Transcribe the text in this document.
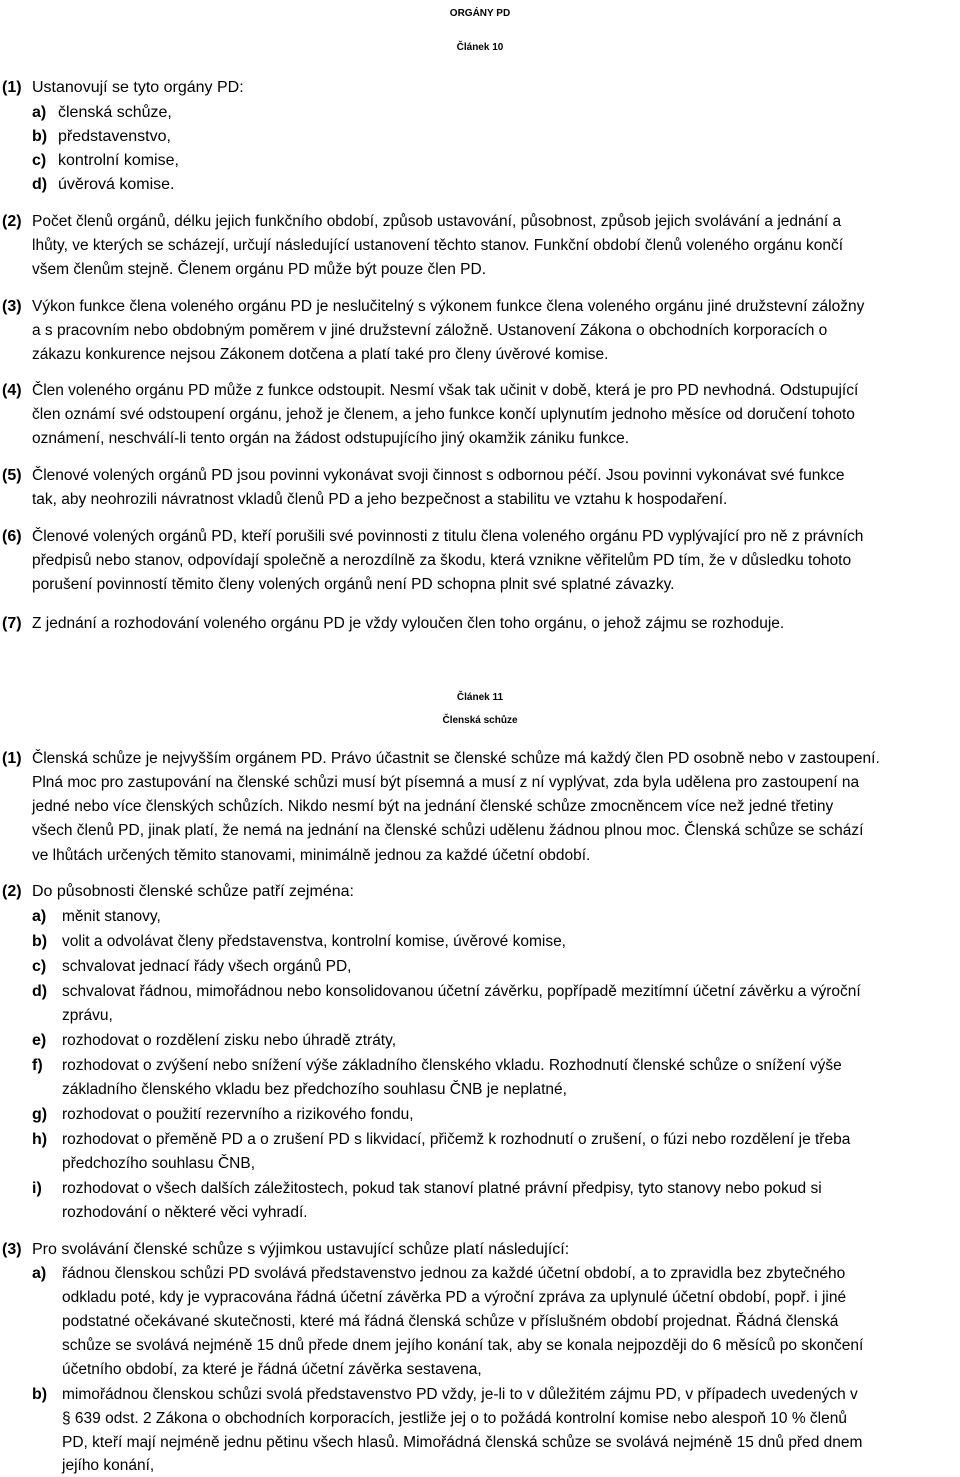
ORGÁNY PD
Článek 10
(1) Ustanovují se tyto orgány PD:
a) členská schůze,
b) představenstvo,
c) kontrolní komise,
d) úvěrová komise.
(2) Počet členů orgánů, délku jejich funkčního období, způsob ustavování, působnost, způsob jejich svolávání a jednání a
lhůty, ve kterých se scházejí, určují následující ustanovení těchto stanov. Funkční období členů voleného orgánu končí
všem členům stejně. Členem orgánu PD může být pouze člen PD.
(3) Výkon funkce člena voleného orgánu PD je neslučitelný s výkonem funkce člena voleného orgánu jiné družstevní záložny
a s pracovním nebo obdobným poměrem v jiné družstevní záložně. Ustanovení Zákona o obchodních korporacích o
zákazu konkurence nejsou Zákonem dotčena a platí také pro členy úvěrové komise.
(4) Člen voleného orgánu PD může z funkce odstoupit. Nesmí však tak učinit v době, která je pro PD nevhodná. Odstupující
člen oznámí své odstoupení orgánu, jehož je členem, a jeho funkce končí uplynutím jednoho měsíce od doručení tohoto
oznámení, neschválí-li tento orgán na žádost odstupujícího jiný okamžik zániku funkce.
(5) Členové volených orgánů PD jsou povinni vykonávat svoji činnost s odbornou péčí. Jsou povinni vykonávat své funkce
tak, aby neohrozili návratnost vkladů členů PD a jeho bezpečnost a stabilitu ve vztahu k hospodaření.
(6) Členové volených orgánů PD, kteří porušili své povinnosti z titulu člena voleného orgánu PD vyplývající pro ně z právních
předpisů nebo stanov, odpovídají společně a nerozdílně za škodu, která vznikne věřitelům PD tím, že v důsledku tohoto
porušení povinností těmito členy volených orgánů není PD schopna plnit své splatné závazky.
(7) Z jednání a rozhodování voleného orgánu PD je vždy vyloučen člen toho orgánu, o jehož zájmu se rozhoduje.
Článek 11
Členská schůze
(1) Členská schůze je nejvyšším orgánem PD. Právo účastnit se členské schůze má každý člen PD osobně nebo v zastoupení.
Plná moc pro zastupování na členské schůzi musí být písemná a musí z ní vyplývat, zda byla udělena pro zastoupení na
jedné nebo více členských schůzích. Nikdo nesmí být na jednání členské schůze zmocněncem více než jedné třetiny
všech členů PD, jinak platí, že nemá na jednání na členské schůzi udělenu žádnou plnou moc. Členská schůze se schází
ve lhůtách určených těmito stanovami, minimálně jednou za každé účetní období.
(2) Do působnosti členské schůze patří zejména:
a) měnit stanovy,
b) volit a odvolávat členy představenstva, kontrolní komise, úvěrové komise,
c) schvalovat jednací řády všech orgánů PD,
d) schvalovat řádnou, mimořádnou nebo konsolidovanou účetní závěrku, popřípadě mezitímní účetní závěrku a výroční
zprávu,
e) rozhodovat o rozdělení zisku nebo úhradě ztráty,
f) rozhodovat o zvýšení nebo snížení výše základního členského vkladu. Rozhodnutí členské schůze o snížení výše
základního členského vkladu bez předchozího souhlasu ČNB je neplatné,
g) rozhodovat o použití rezervního a rizikového fondu,
h) rozhodovat o přeměně PD a o zrušení PD s likvidací, přičemž k rozhodnutí o zrušení, o fúzi nebo rozdělení je třeba
předchozího souhlasu ČNB,
i) rozhodovat o všech dalších záležitostech, pokud tak stanoví platné právní předpisy, tyto stanovy nebo pokud si
rozhodování o některé věci vyhradí.
(3) Pro svolávání členské schůze s výjimkou ustavující schůze platí následující:
a) řádnou členskou schůzi PD svolává představenstvo jednou za každé účetní období, a to zpravidla bez zbytečného
odkladu poté, kdy je vypracována řádná účetní závěrka PD a výroční zpráva za uplynulé účetní období, popř. i jiné
podstatné očekávané skutečnosti, které má řádná členská schůze v příslušném období projednat. Řádná členská
schůze se svolává nejméně 15 dnů přede dnem jejího konání tak, aby se konala nejpozději do 6 měsíců po skončení
účetního období, za které je řádná účetní závěrka sestavena,
b) mimořádnou členskou schůzi svolá představenstvo PD vždy, je-li to v důležitém zájmu PD, v případech uvedených v
§ 639 odst. 2 Zákona o obchodních korporacích, jestliže jej o to požádá kontrolní komise nebo alespoň 10 % členů
PD, kteří mají nejméně jednu pětinu všech hlasů. Mimořádná členská schůze se svolává nejméně 15 dnů před dnem
jejího konání,
